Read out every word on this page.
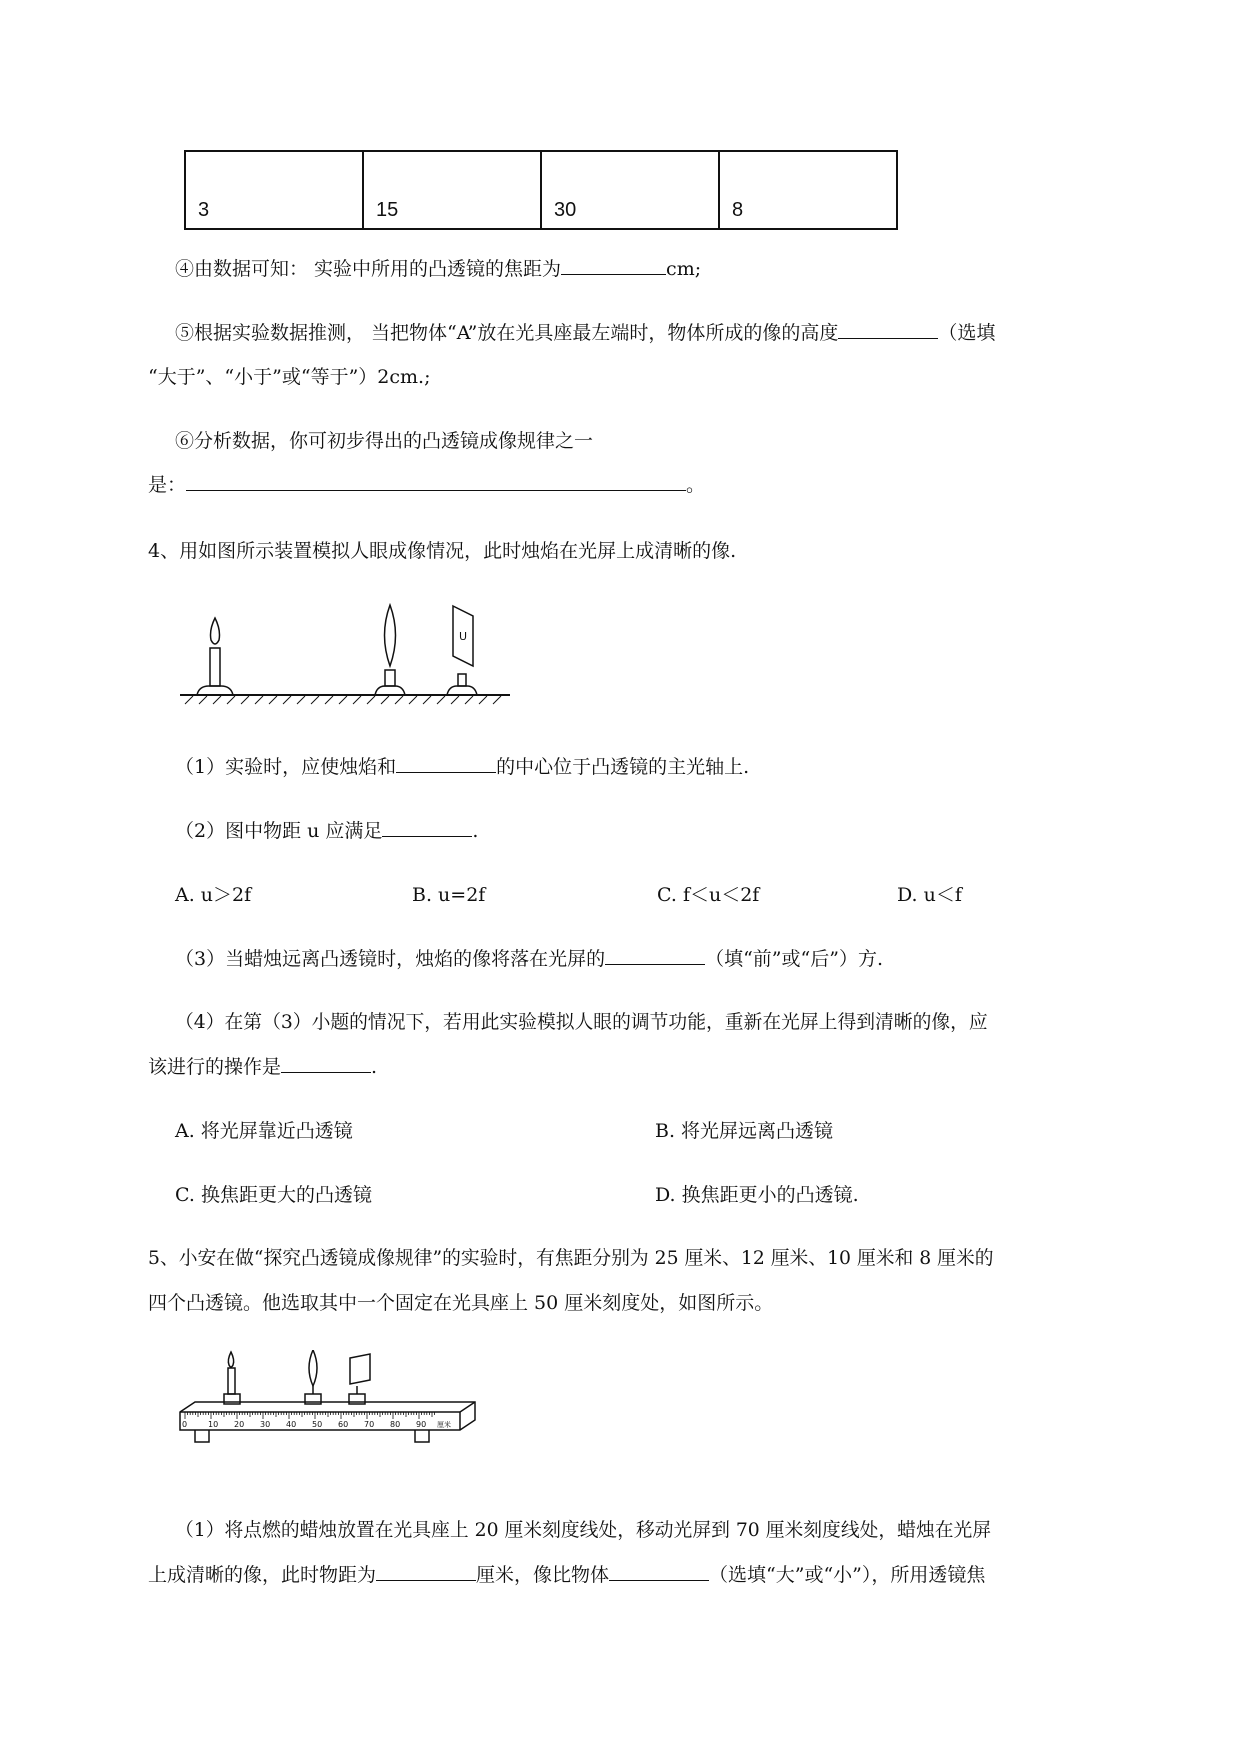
3	15	30	8
④由数据可知： 实验中所用的凸透镜的焦距为	cm;
⑤根据实验数据推测， 当把物体“A”放在光具座最左端时，物体所成的像的高度	（选填
“大于”、“小于”或“等于”）2cm.;
⑥分析数据，你可初步得出的凸透镜成像规律之一
是：	。
4、用如图所示装置模拟人眼成像情况，此时烛焰在光屏上成清晰的像.
U
（1）实验时，应使烛焰和	的中心位于凸透镜的主光轴上.
（2）图中物距 u 应满足	.
A. u＞2f	B. u=2f	C. f＜u＜2f	D. u＜f
（3）当蜡烛远离凸透镜时，烛焰的像将落在光屏的	（填“前”或“后”）方.
（4）在第（3）小题的情况下，若用此实验模拟人眼的调节功能，重新在光屏上得到清晰的像，应
该进行的操作是	.
A. 将光屏靠近凸透镜	B. 将光屏远离凸透镜
C. 换焦距更大的凸透镜	D. 换焦距更小的凸透镜.
5、小安在做“探究凸透镜成像规律”的实验时，有焦距分别为 25 厘米、12 厘米、10 厘米和 8 厘米的
四个凸透镜。他选取其中一个固定在光具座上 50 厘米刻度处，如图所示。
0	10 20 30 40 50 60 70 80 90 厘米
（1）将点燃的蜡烛放置在光具座上 20 厘米刻度线处，移动光屏到 70 厘米刻度线处，蜡烛在光屏
上成清晰的像，此时物距为	厘米，像比物体	（选填“大”或“小”），所用透镜焦
